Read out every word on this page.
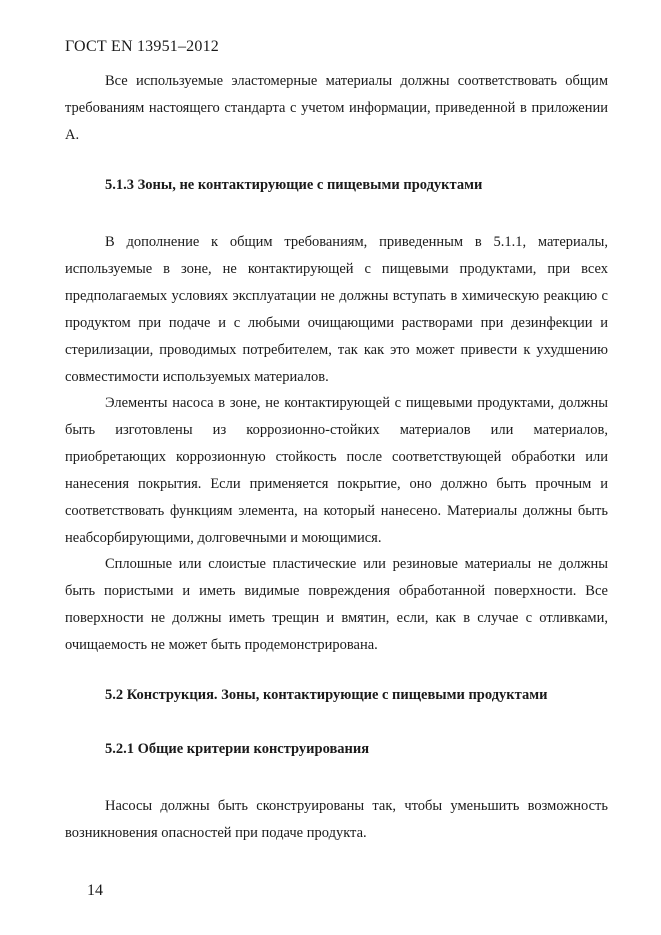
ГОСТ EN 13951–2012

Все используемые эластомерные материалы должны соответствовать общим требованиям настоящего стандарта с учетом информации, приведенной в приложении А.

5.1.3 Зоны, не контактирующие с пищевыми продуктами

В дополнение к общим требованиям, приведенным в 5.1.1, материалы, используемые в зоне, не контактирующей с пищевыми продуктами, при всех предполагаемых условиях эксплуатации не должны вступать в химическую реакцию с продуктом при подаче и с любыми очищающими растворами при дезинфекции и стерилизации, проводимых потребителем, так как это может привести к ухудшению совместимости используемых материалов.

Элементы насоса в зоне, не контактирующей с пищевыми продуктами, должны быть изготовлены из коррозионно-стойких материалов или материалов, приобретающих коррозионную стойкость после соответствующей обработки или нанесения покрытия. Если применяется покрытие, оно должно быть прочным и соответствовать функциям элемента, на который нанесено. Материалы должны быть неабсорбирующими, долговечными и моющимися.

Сплошные или слоистые пластические или резиновые материалы не должны быть пористыми и иметь видимые повреждения обработанной поверхности. Все поверхности не должны иметь трещин и вмятин, если, как в случае с отливками, очищаемость не может быть продемонстрирована.

5.2 Конструкция. Зоны, контактирующие с пищевыми продуктами
5.2.1 Общие критерии конструирования

Насосы должны быть сконструированы так, чтобы уменьшить возможность возникновения опасностей при подаче продукта.

14
